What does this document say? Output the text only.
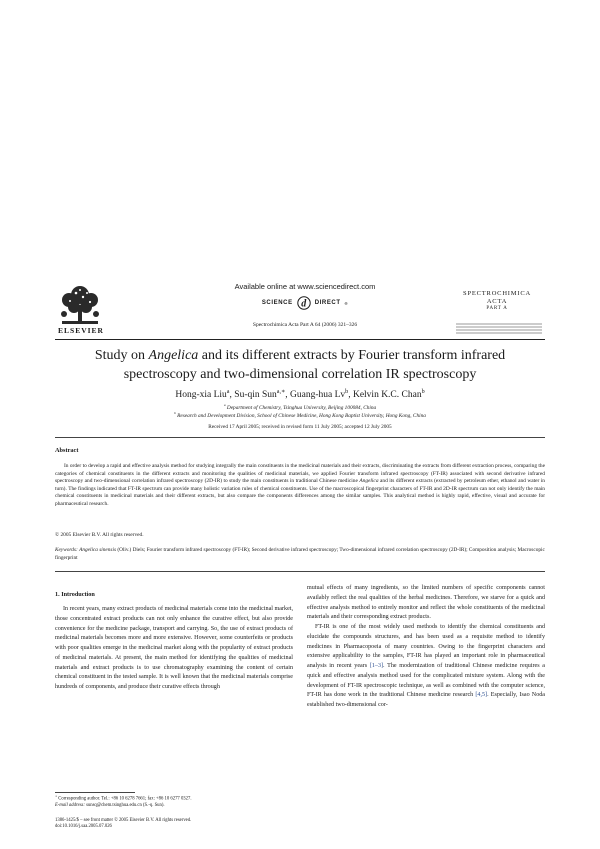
ELSEVIER
Available online at www.sciencedirect.com
SCIENCE d DIRECT ®
Spectrochimica Acta Part A 64 (2006) 321–326
SPECTROCHIMICA
ACTA
PART A
Study on Angelica and its different extracts by Fourier transform infrared
spectroscopy and two-dimensional correlation IR spectroscopy
Hong-xia Liu$^a$, Su-qin Sun$^{a,∗}$, Guang-hua Lv$^b$, Kelvin K.C. Chan$^b$
$^a$ Department of Chemistry, Tsinghua University, Beijing 100084, China
$^b$ Research and Development Division, School of Chinese Medicine, Hong Kong Baptist University, Hong Kong, China
Received 17 April 2005; received in revised form 11 July 2005; accepted 12 July 2005
Abstract
In order to develop a rapid and effective analysis method for studying integrally the main constituents in the medicinal materials and their extracts, discriminating the extracts from different extraction process, comparing the categories of chemical constituents in the different extracts and monitoring the qualities of medicinal materials, we applied Fourier transform infrared spectroscopy (FT-IR) associated with second derivative infrared spectroscopy and two-dimensional correlation infrared spectroscopy (2D-IR) to study the main constituents in traditional Chinese medicine Angelica and its different extracts (extracted by petroleum ether, ethanol and water in turn). The findings indicated that FT-IR spectrum can provide many holistic variation rules of chemical constituents. Use of the macroscopical fingerprint characters of FT-IR and 2D-IR spectrum can not only identify the main chemical constituents in medicinal materials and their different extracts, but also compare the components differences among the similar samples. This analytical method is highly rapid, effective, visual and accurate for pharmaceutical research.
© 2005 Elsevier B.V. All rights reserved.
Keywords: Angelica sinensis (Oliv.) Diels; Fourier transform infrared spectroscopy (FT-IR); Second derivative infrared spectroscopy; Two-dimensional infrared correlation spectroscopy (2D-IR); Composition analysis; Macroscopic fingerprint
1. Introduction

In recent years, many extract products of medicinal materials come into the medicinal market, those concentrated extract products can not only enhance the curative effect, but also provide convenience for the medicine package, transport and carrying. So, the use of extract products of medicinal materials becomes more and more extensive. However, some counterfeits or products with poor qualities emerge in the medicinal market along with the popularity of extract products of medicinal materials. At present, the main method for identifying the qualities of medicinal materials and extract products is to use chromatography examining the content of certain chemical constituent in the tested sample. It is well known that the medicinal materials comprise hundreds of components, and produce their curative effects through

mutual effects of many ingredients, so the limited numbers of specific components cannot availably reflect the real qualities of the herbal medicines. Therefore, we starve for a quick and effective analysis method to entirely monitor and reflect the whole constituents of the medicinal materials and their corresponding extract products.

FT-IR is one of the most widely used methods to identify the chemical constituents and elucidate the compounds structures, and has been used as a requisite method to identify medicines in Pharmacopoeia of many countries. Owing to the fingerprint characters and extensive applicability to the samples, FT-IR has played an important role in pharmaceutical analysis in recent years [1–3]. The modernization of traditional Chinese medicine requires a quick and effective analysis method used for the complicated mixture system. Along with the development of FT-IR spectroscopic technique, as well as combined with the computer science, FT-IR has done work in the traditional Chinese medicine research [4,5]. Especially, Isao Noda established two-dimensional cor-

∗ Corresponding author. Tel.: +86 10 6278 7661; fax: +86 10 6277 0327.
E-mail address: sunsq@chem.tsinghua.edu.cn (S.-q. Sun).
1386-1425/$ – see front matter © 2005 Elsevier B.V. All rights reserved.
doi:10.1016/j.saa.2005.07.026
